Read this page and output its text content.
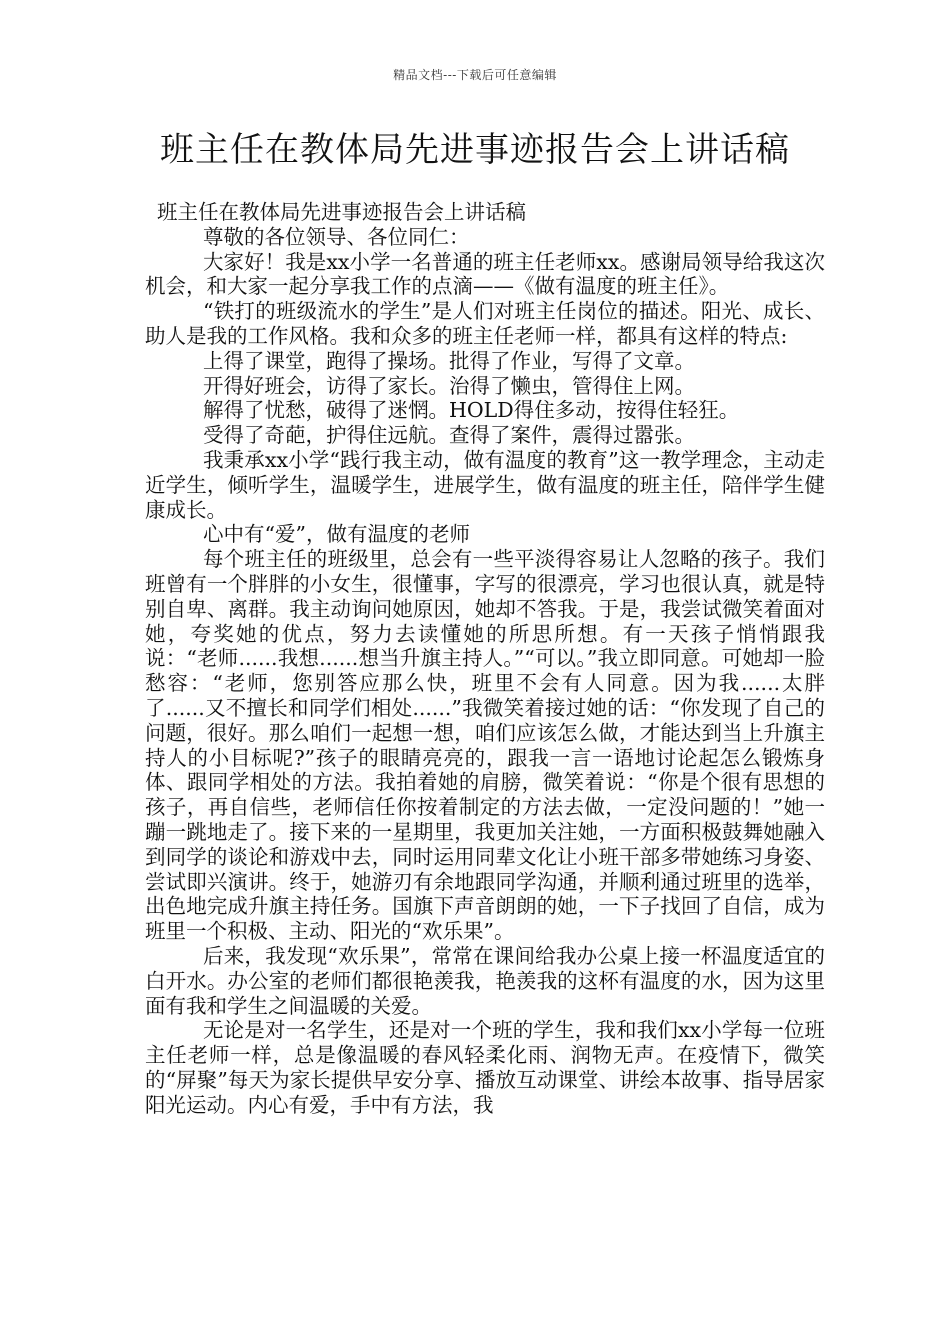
精品文档---下载后可任意编辑
班主任在教体局先进事迹报告会上讲话稿

班主任在教体局先进事迹报告会上讲话稿

尊敬的各位领导、各位同仁：

大家好！我是xx小学一名普通的班主任老师xx。感谢局领导给我这次机会，和大家一起分享我工作的点滴——《做有温度的班主任》。

“铁打的班级流水的学生”是人们对班主任岗位的描述。阳光、成长、助人是我的工作风格。我和众多的班主任老师一样，都具有这样的特点:

上得了课堂，跑得了操场。批得了作业，写得了文章。

开得好班会，访得了家长。治得了懒虫，管得住上网。

解得了忧愁，破得了迷惘。HOLD得住多动，按得住轻狂。

受得了奇葩，护得住远航。查得了案件，震得过嚣张。

我秉承xx小学“践行我主动，做有温度的教育”这一教学理念，主动走近学生，倾听学生，温暖学生，进展学生，做有温度的班主任，陪伴学生健康成长。

心中有“爱”，做有温度的老师

每个班主任的班级里，总会有一些平淡得容易让人忽略的孩子。我们班曾有一个胖胖的小女生，很懂事，字写的很漂亮，学习也很认真，就是特别自卑、离群。我主动询问她原因，她却不答我。于是，我尝试微笑着面对她，夸奖她的优点，努力去读懂她的所思所想。有一天孩子悄悄跟我说：“老师......我想......想当升旗主持人。”“可以。”我立即同意。可她却一脸愁容：“老师，您别答应那么快，班里不会有人同意。因为我......太胖了......又不擅长和同学们相处......”我微笑着接过她的话：“你发现了自己的问题，很好。那么咱们一起想一想，咱们应该怎么做，才能达到当上升旗主持人的小目标呢?”孩子的眼睛亮亮的，跟我一言一语地讨论起怎么锻炼身体、跟同学相处的方法。我拍着她的肩膀，微笑着说：“你是个很有思想的孩子，再自信些，老师信任你按着制定的方法去做，一定没问题的！”她一蹦一跳地走了。接下来的一星期里，我更加关注她，一方面积极鼓舞她融入到同学的谈论和游戏中去，同时运用同辈文化让小班干部多带她练习身姿、尝试即兴演讲。终于，她游刃有余地跟同学沟通，并顺利通过班里的选举，出色地完成升旗主持任务。国旗下声音朗朗的她，一下子找回了自信，成为班里一个积极、主动、阳光的“欢乐果”。

后来，我发现“欢乐果”，常常在课间给我办公桌上接一杯温度适宜的白开水。办公室的老师们都很艳羡我，艳羡我的这杯有温度的水，因为这里面有我和学生之间温暖的关爱。

无论是对一名学生，还是对一个班的学生，我和我们xx小学每一位班主任老师一样，总是像温暖的春风轻柔化雨、润物无声。在疫情下，微笑的“屏聚”每天为家长提供早安分享、播放互动课堂、讲绘本故事、指导居家阳光运动。内心有爱，手中有方法，我
